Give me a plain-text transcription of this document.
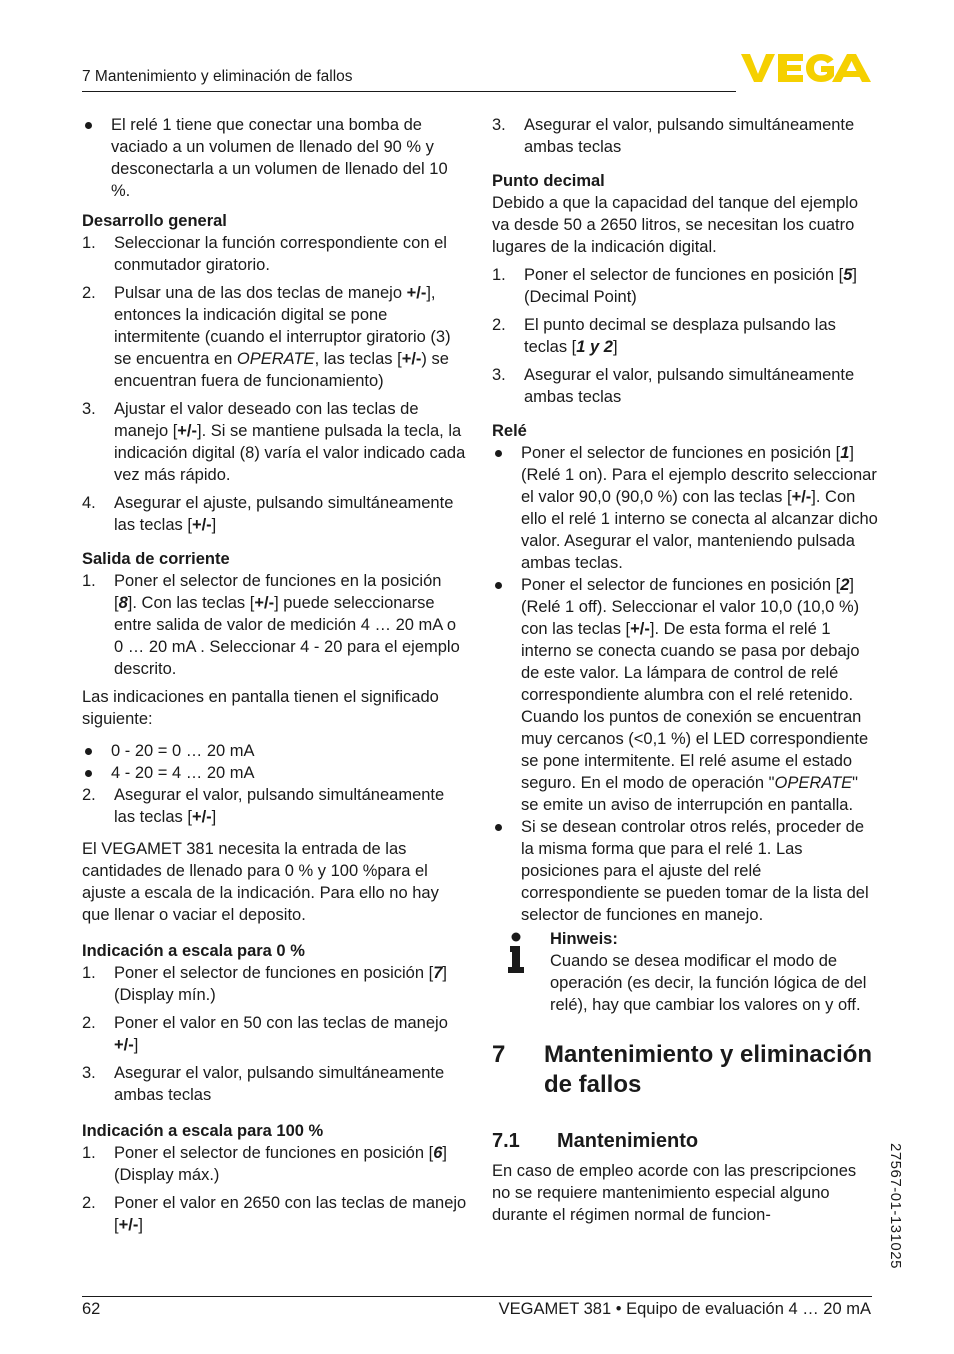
7 Mantenimiento y eliminación de fallos
El relé 1 tiene que conectar una bomba de vaciado a un volumen de llenado del 90 % y desconectarla a un volumen de llenado del 10 %.

Desarrollo general

1. Seleccionar la función correspondiente con el conmutador giratorio.
2. Pulsar una de las dos teclas de manejo +/-], entonces la indicación digital se pone intermitente (cuando el interruptor giratorio (3) se encuentra en OPERATE, las teclas [+/-) se encuentran fuera de funcionamiento)
3. Ajustar el valor deseado con las teclas de manejo [+/-]. Si se mantiene pulsada la tecla, la indicación digital (8) varía el valor indicado cada vez más rápido.
4. Asegurar el ajuste, pulsando simultáneamente las teclas [+/-]

Salida de corriente

1. Poner el selector de funciones en la posición [8]. Con las teclas [+/-] puede seleccionarse entre salida de valor de medición 4 … 20 mA o 0 … 20 mA . Seleccionar 4 - 20 para el ejemplo descrito.

Las indicaciones en pantalla tienen el significado siguiente:

0 - 20 = 0 … 20 mA
4 - 20 = 4 … 20 mA
2. Asegurar el valor, pulsando simultáneamente las teclas [+/-]

El VEGAMET 381 necesita la entrada de las cantidades de llenado para 0 % y 100 %para el ajuste a escala de la indicación. Para ello no hay que llenar o vaciar el deposito.

Indicación a escala para 0 %

1. Poner el selector de funciones en posición [7] (Display mín.)
2. Poner el valor en 50 con las teclas de manejo +/-]
3. Asegurar el valor, pulsando simultáneamente ambas teclas

Indicación a escala para 100 %

1. Poner el selector de funciones en posición [6] (Display máx.)
2. Poner el valor en 2650 con las teclas de manejo [+/-]
3. Asegurar el valor, pulsando simultáneamente ambas teclas

Punto decimal

Debido a que la capacidad del tanque del ejemplo va desde 50 a 2650 litros, se necesitan los cuatro lugares de la indicación digital.

1. Poner el selector de funciones en posición [5] (Decimal Point)
2. El punto decimal se desplaza pulsando las teclas [1 y 2]
3. Asegurar el valor, pulsando simultáneamente ambas teclas

Relé

Poner el selector de funciones en posición [1] (Relé 1 on). Para el ejemplo descrito seleccionar el valor 90,0 (90,0 %) con las teclas [+/-]. Con ello el relé 1 interno se conecta al alcanzar dicho valor. Asegurar el valor, manteniendo pulsada ambas teclas.
Poner el selector de funciones en posición [2] (Relé 1 off). Seleccionar el valor 10,0 (10,0 %) con las teclas [+/-]. De esta forma el relé 1 interno se conecta cuando se pasa por debajo de este valor. La lámpara de control de relé correspondiente alumbra con el relé retenido. Cuando los puntos de conexión se encuentran muy cercanos (<0,1 %) el LED correspondiente se pone intermitente. El relé asume el estado seguro. En el modo de operación "OPERATE" se emite un aviso de interrupción en pantalla.
Si se desean controlar otros relés, proceder de la misma forma que para el relé 1. Las posiciones para el ajuste del relé correspondiente se pueden tomar de la lista del selector de funciones en manejo.
Hinweis:
Cuando se desea modificar el modo de operación (es decir, la función lógica de del relé), hay que cambiar los valores on y off.
7 Mantenimiento y eliminación de fallos
7.1 Mantenimiento

En caso de empleo acorde con las prescripciones no se requiere mantenimiento especial alguno durante el régimen normal de funcion-	27567-01-131025
62	VEGAMET 381 • Equipo de evaluación 4 … 20 mA
